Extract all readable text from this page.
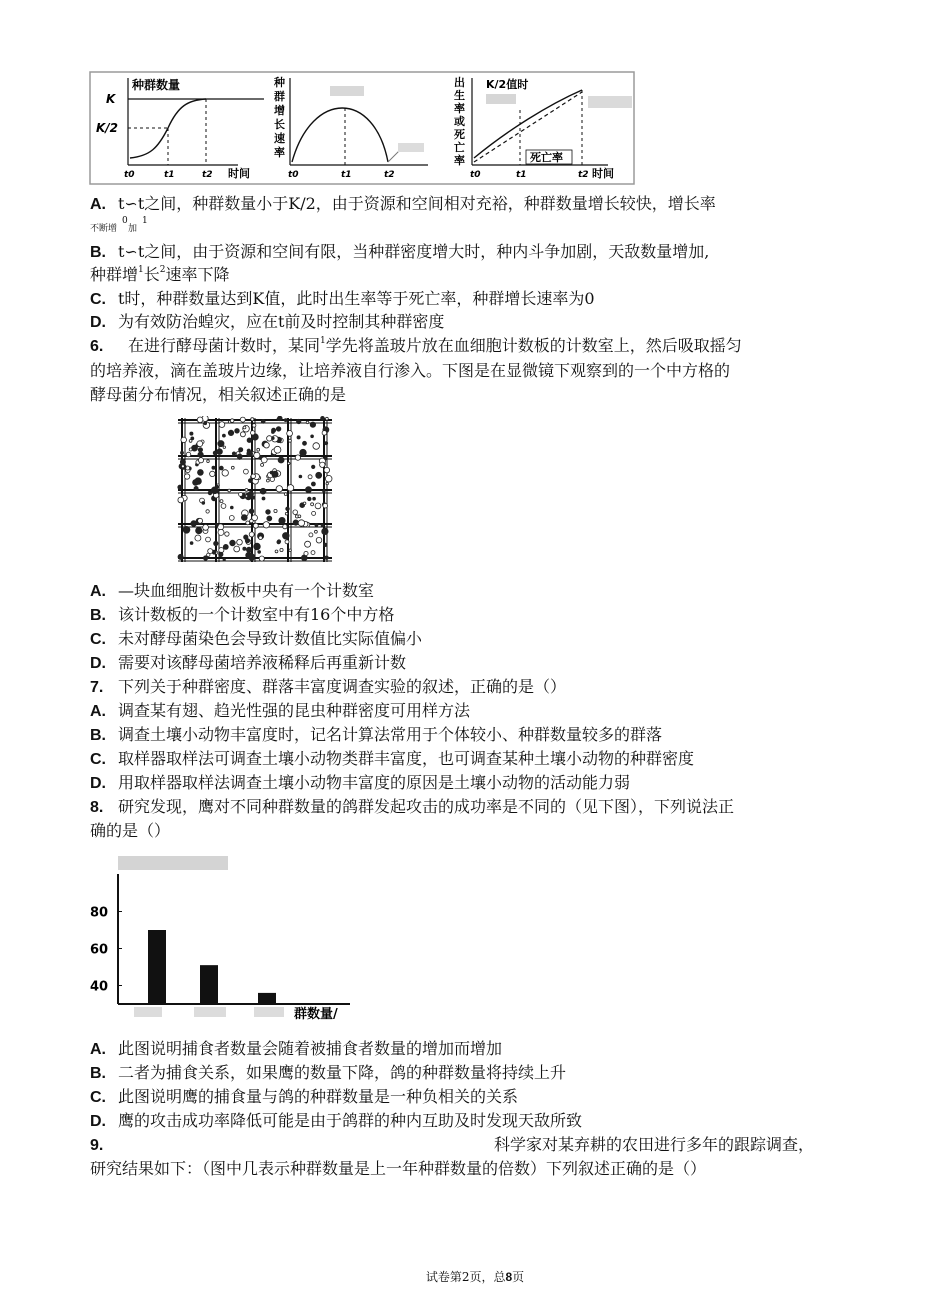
种群数量
K
K/2
t0	t1	t2 时间
种
群
增
长
速
率
t0	t1	t2
出
生
率
或
死
亡
率
K/2值时
死亡率
t0	t1	t2 时间
A. t∽t之间，种群数量小于K/2，由于资源和空间相对充裕，种群数量增长较快，增长率
不断增
0
加
1
B. t∽t之间，由于资源和空间有限，当种群密度增大时，种内斗争加剧，天敌数量增加,
种群增$^1$长$^2$速率下降
C. t时，种群数量达到K值，此时出生率等于死亡率，种群增长速率为0
D. 为有效防治蝗灾，应在t前及时控制其种群密度
6. 在进行酵母菌计数时，某同$^1$学先将盖玻片放在血细胞计数板的计数室上，然后吸取摇匀
的培养液，滴在盖玻片边缘，让培养液自行渗入。下图是在显微镜下观察到的一个中方格的
酵母菌分布情况，相关叙述正确的是
A. —块血细胞计数板中央有一个计数室
B. 该计数板的一个计数室中有16个中方格
C. 未对酵母菌染色会导致计数值比实际值偏小
D. 需要对该酵母菌培养液稀释后再重新计数
7. 下列关于种群密度、群落丰富度调查实验的叙述，正确的是（）
A. 调查某有翅、趋光性强的昆虫种群密度可用样方法
B. 调查土壤小动物丰富度时，记名计算法常用于个体较小、种群数量较多的群落
C. 取样器取样法可调查土壤小动物类群丰富度，也可调查某种土壤小动物的种群密度
D. 用取样器取样法调查土壤小动物丰富度的原因是土壤小动物的活动能力弱
8. 研究发现，鹰对不同种群数量的鸽群发起攻击的成功率是不同的（见下图），下列说法正
确的是（）
80
60
40
群数量/
A. 此图说明捕食者数量会随着被捕食者数量的增加而增加
B. 二者为捕食关系，如果鹰的数量下降，鸽的种群数量将持续上升
C. 此图说明鹰的捕食量与鸽的种群数量是一种负相关的关系
D. 鹰的攻击成功率降低可能是由于鸽群的种内互助及时发现天敌所致
9.	科学家对某弃耕的农田进行多年的跟踪调查，
研究结果如下：（图中几表示种群数量是上一年种群数量的倍数）下列叙述正确的是（）
试卷第2页，总8页
